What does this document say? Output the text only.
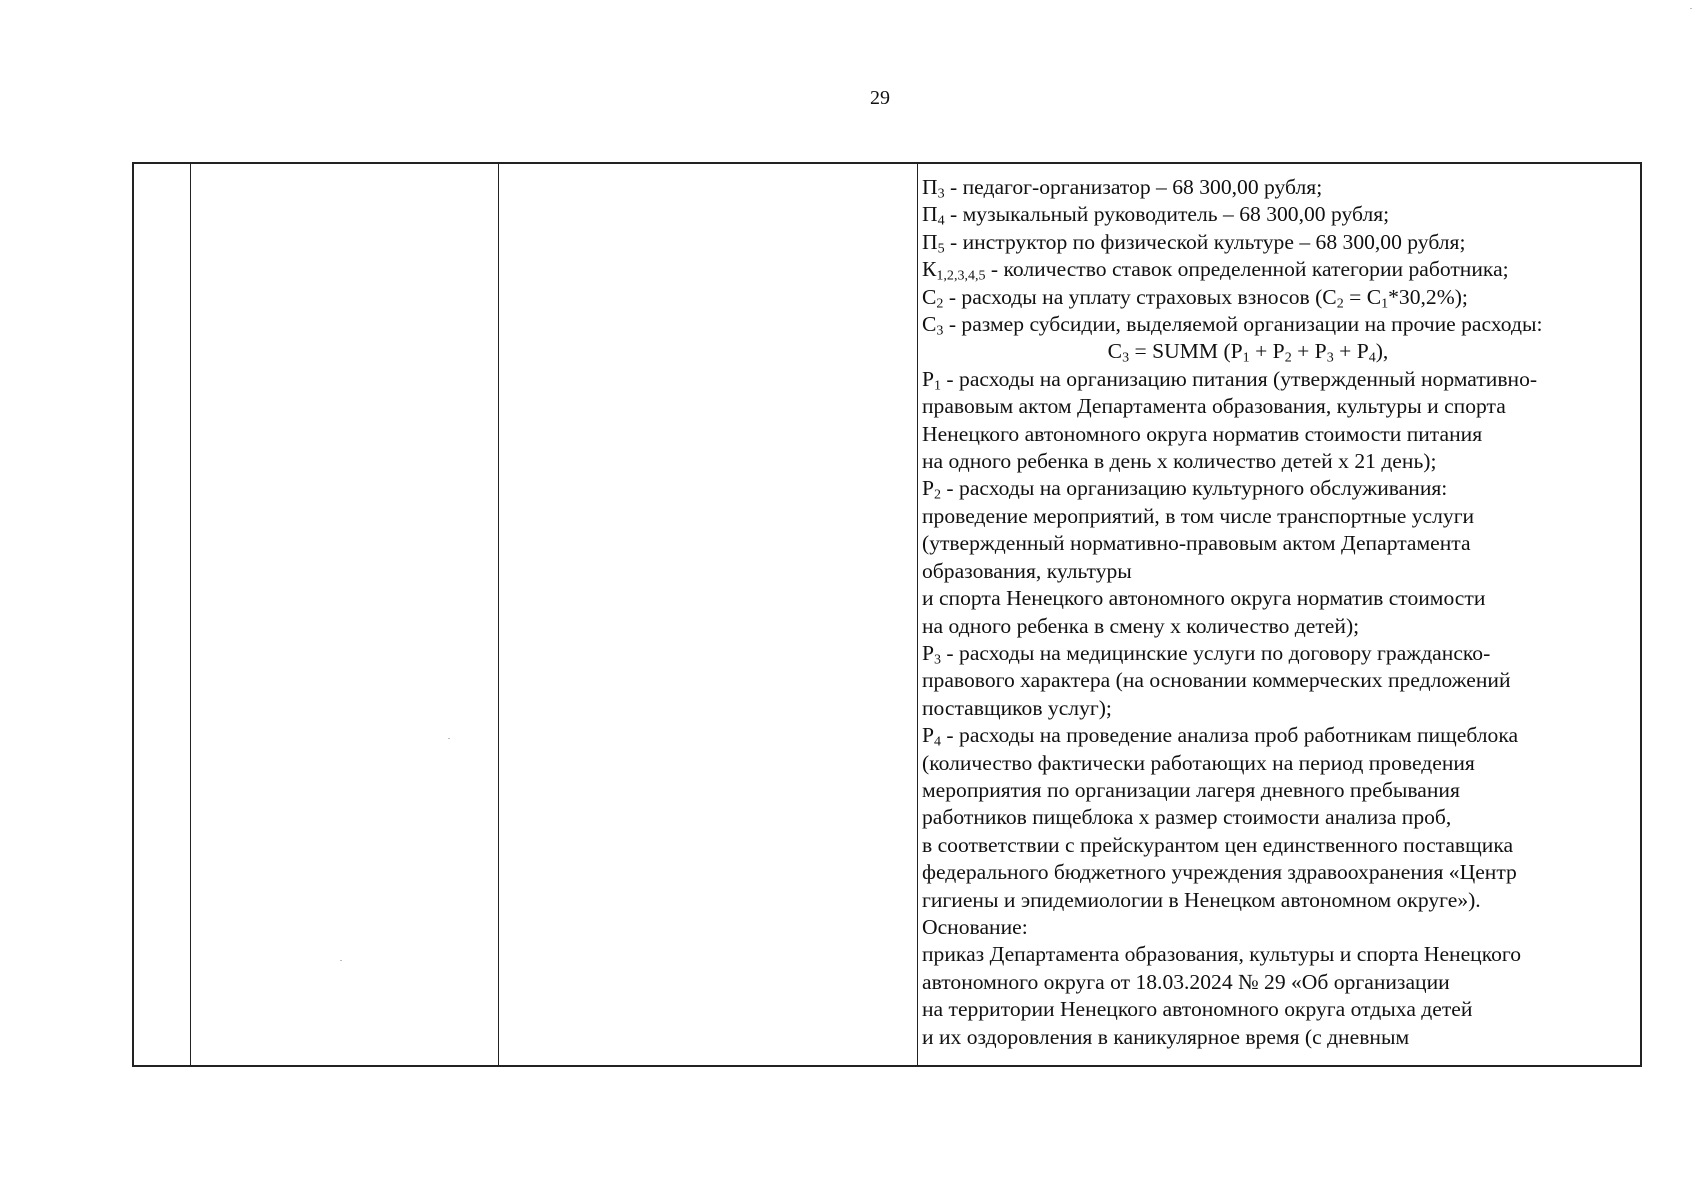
29
$П_3$ - педагог-организатор – 68 300,00 рубля;
$П_4$ - музыкальный руководитель – 68 300,00 рубля;
$П_5$ - инструктор по физической культуре – 68 300,00 рубля;
$К_{1,2,3,4,5}$ - количество ставок определенной категории работника;
$С_2$ - расходы на уплату страховых взносов $(С_2 = С_1*30,2\%)$;
$С_3$ - размер субсидии, выделяемой организации на прочие расходы:
$С_3$ = SUMM $(Р_1 + Р_2 + Р_3 + Р_4)$,
$Р_1$ - расходы на организацию питания (утвержденный нормативно-
правовым актом Департамента образования, культуры и спорта
Ненецкого автономного округа норматив стоимости питания
на одного ребенка в день х количество детей х 21 день);
$Р_2$ - расходы на организацию культурного обслуживания:
проведение мероприятий, в том числе транспортные услуги
(утвержденный нормативно-правовым актом Департамента
образования, культуры
и спорта Ненецкого автономного округа норматив стоимости
на одного ребенка в смену х количество детей);
$Р_3$ - расходы на медицинские услуги по договору гражданско-
правового характера (на основании коммерческих предложений
поставщиков услуг);
$Р_4$ - расходы на проведение анализа проб работникам пищеблока
(количество фактически работающих на период проведения
мероприятия по организации лагеря дневного пребывания
работников пищеблока х размер стоимости анализа проб,
в соответствии с прейскурантом цен единственного поставщика
федерального бюджетного учреждения здравоохранения «Центр
гигиены и эпидемиологии в Ненецком автономном округе»).
Основание:
приказ Департамента образования, культуры и спорта Ненецкого
автономного округа от 18.03.2024 № 29 «Об организации
на территории Ненецкого автономного округа отдыха детей
и их оздоровления в каникулярное время (с дневным
